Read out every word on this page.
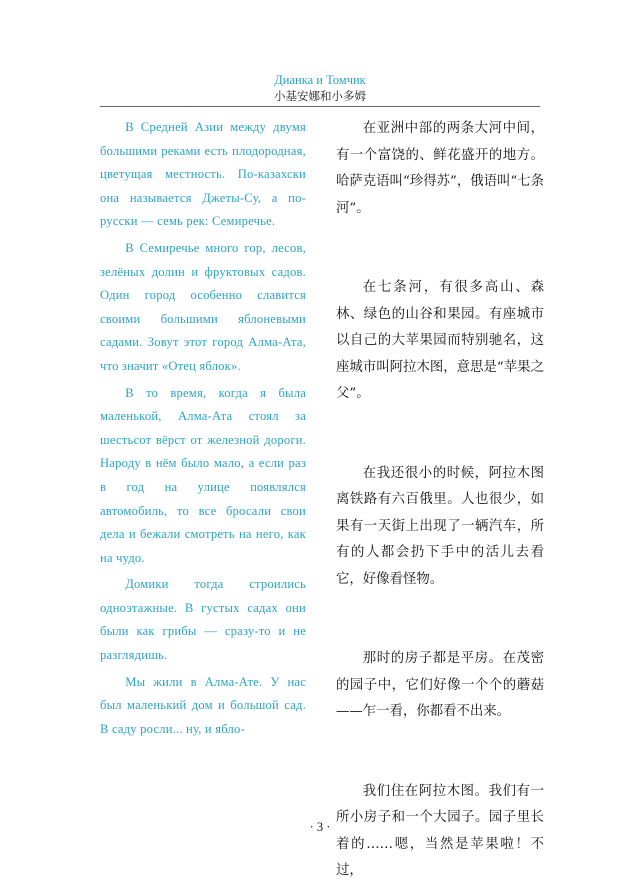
Дианка и Томчик
小基安娜和小多姆

В Средней Азии между двумя большими реками есть плодородная, цветущая местность. По-казахски она называется Джеты-Су, а по-русски — семь рек: Семиречье.

В Семиречье много гор, лесов, зелёных долин и фруктовых садов. Один город особенно славится своими большими яблоневыми садами. Зовут этот город Алма-Ата, что значит «Отец яблок».

В то время, когда я была маленькой, Алма-Ата стоял за шестьсот вёрст от железной дороги. Народу в нём было мало, а если раз в год на улице появлялся автомобиль, то все бросали свои дела и бежали смотреть на него, как на чудо.

Домики тогда строились одноэтажные. В густых садах они были как грибы — сразу-то и не разглядишь.

Мы жили в Алма-Ате. У нас был маленький дом и большой сад. В саду росли... ну, и ябло-

在亚洲中部的两条大河中间，有一个富饶的、鲜花盛开的地方。哈萨克语叫“珍得苏”，俄语叫“七条河”。

在七条河，有很多高山、森林、绿色的山谷和果园。有座城市以自己的大苹果园而特别驰名，这座城市叫阿拉木图，意思是“苹果之父”。

在我还很小的时候，阿拉木图离铁路有六百俄里。人也很少，如果有一天街上出现了一辆汽车，所有的人都会扔下手中的活儿去看它，好像看怪物。

那时的房子都是平房。在茂密的园子中，它们好像一个个的蘑菇——乍一看，你都看不出来。

我们住在阿拉木图。我们有一所小房子和一个大园子。园子里长着的……嗯，当然是苹果啦！不过，

· 3 ·
